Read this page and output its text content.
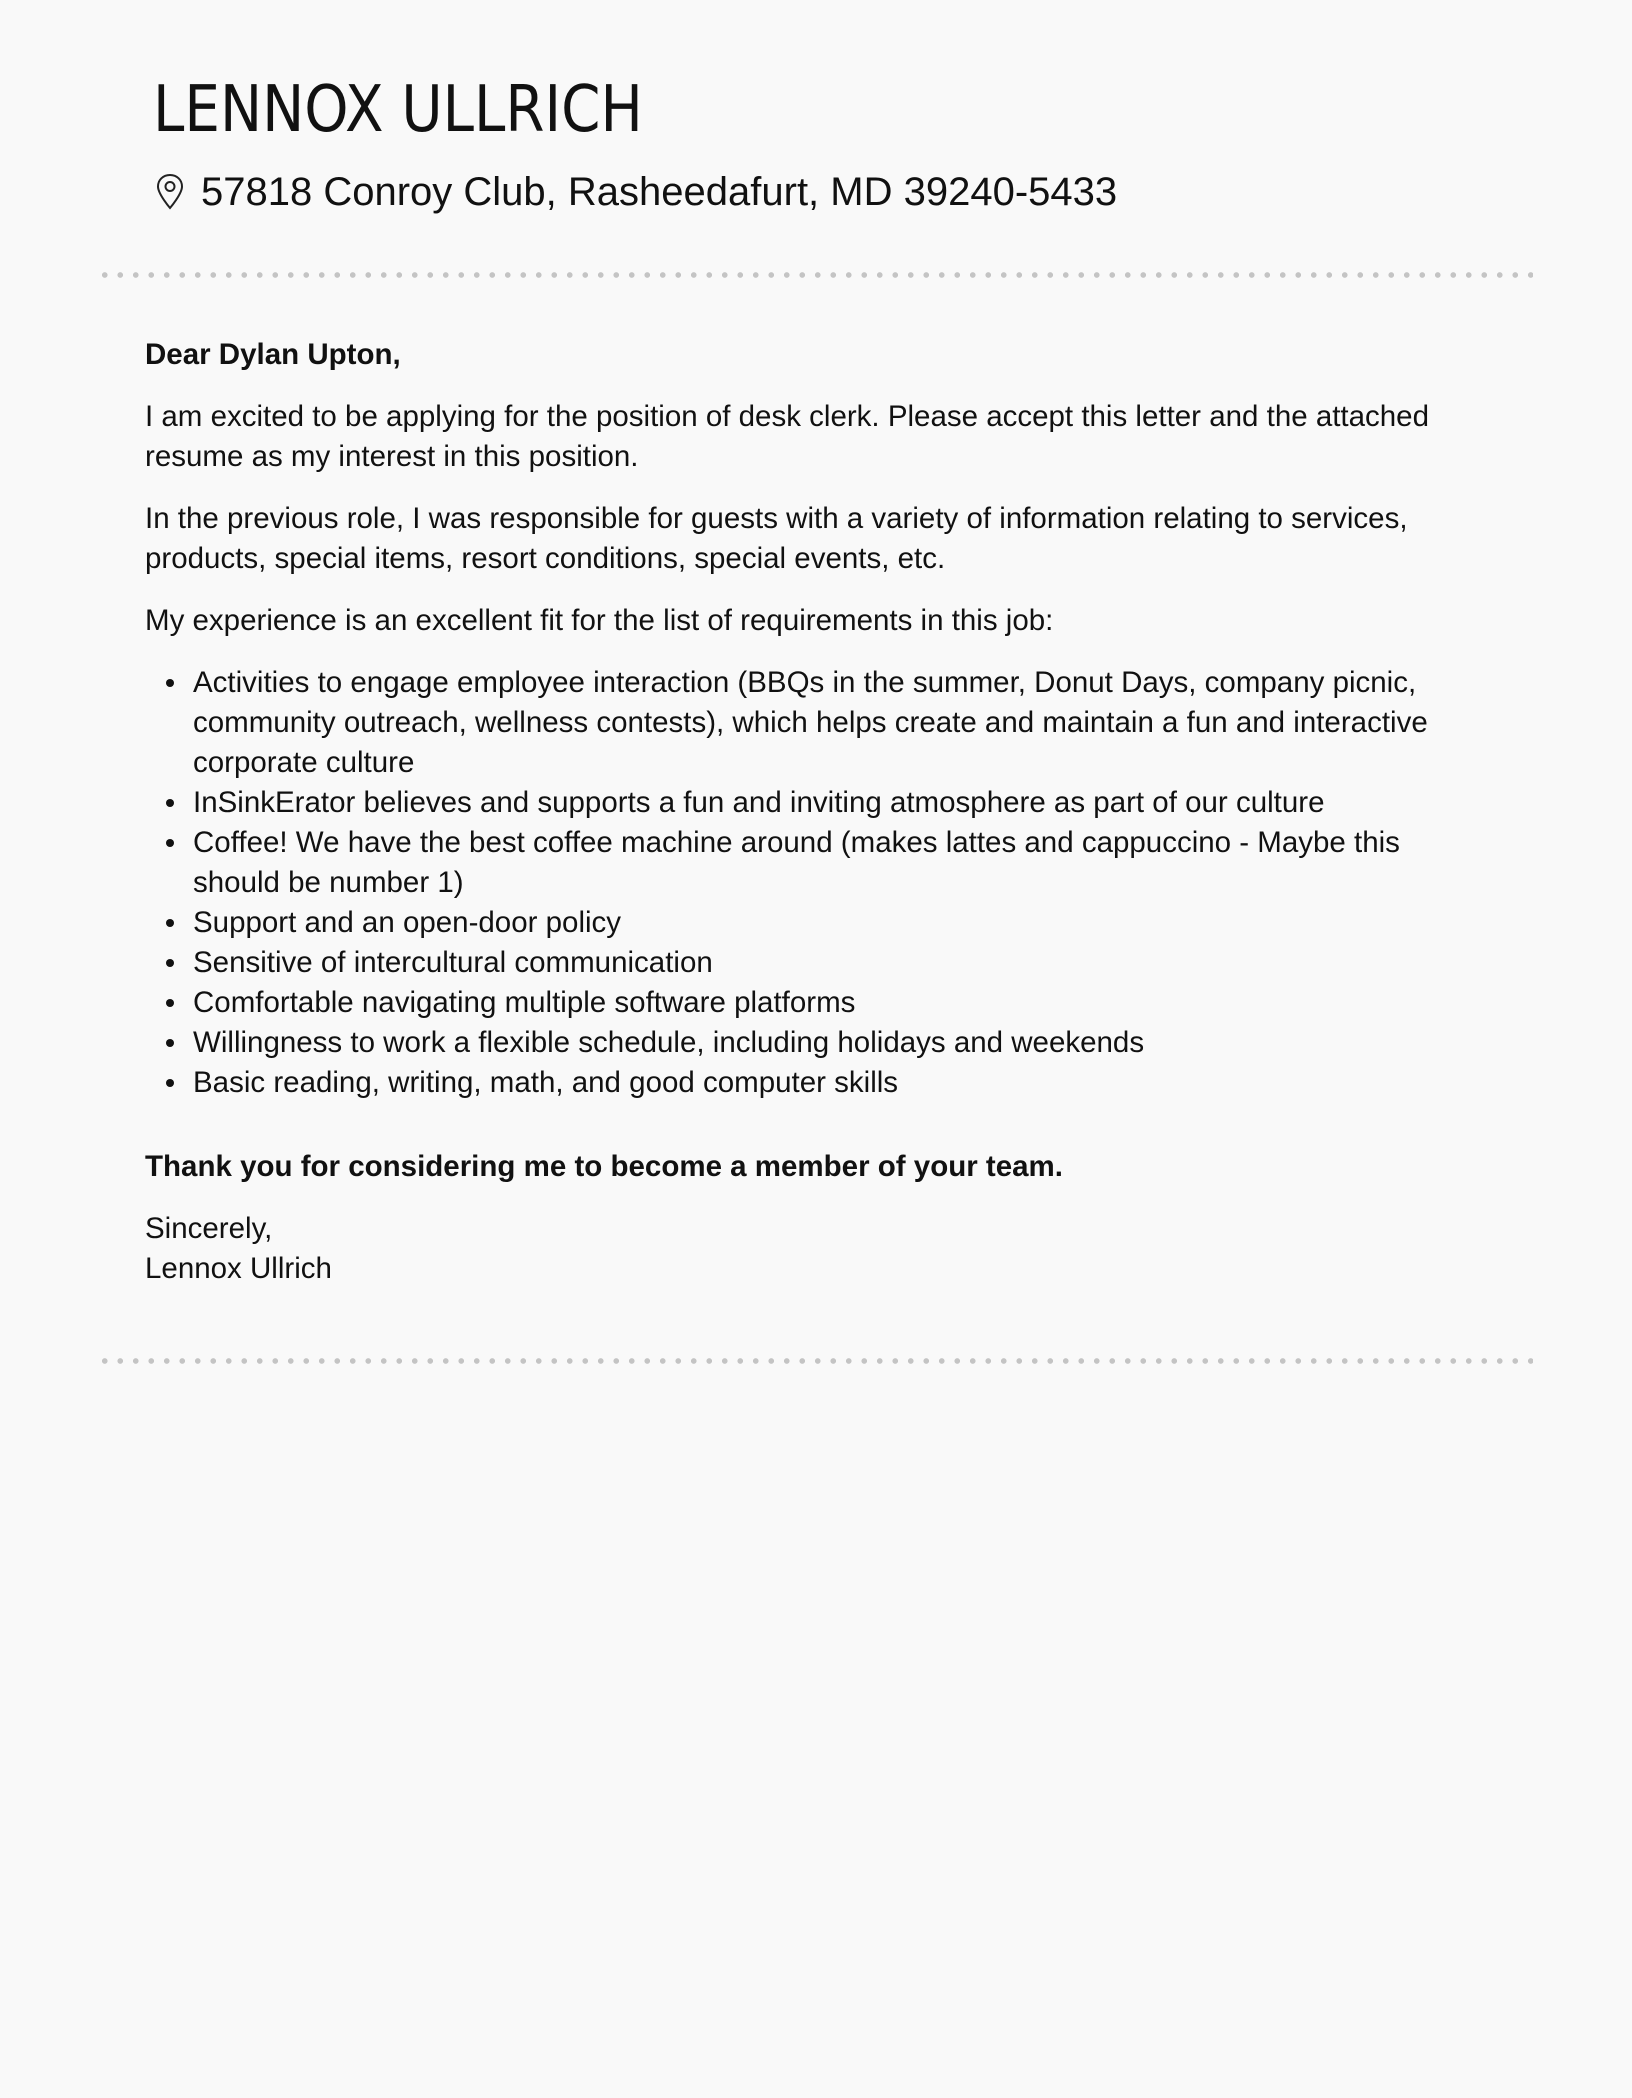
LENNOX ULLRICH
57818 Conroy Club, Rasheedafurt, MD 39240-5433

Dear Dylan Upton,

I am excited to be applying for the position of desk clerk. Please accept this letter and the attached resume as my interest in this position.

In the previous role, I was responsible for guests with a variety of information relating to services, products, special items, resort conditions, special events, etc.

My experience is an excellent fit for the list of requirements in this job:

Activities to engage employee interaction (BBQs in the summer, Donut Days, company picnic, community outreach, wellness contests), which helps create and maintain a fun and interactive corporate culture
InSinkErator believes and supports a fun and inviting atmosphere as part of our culture
Coffee! We have the best coffee machine around (makes lattes and cappuccino - Maybe this should be number 1)
Support and an open-door policy
Sensitive of intercultural communication
Comfortable navigating multiple software platforms
Willingness to work a flexible schedule, including holidays and weekends
Basic reading, writing, math, and good computer skills

Thank you for considering me to become a member of your team.

Sincerely,

Lennox Ullrich
